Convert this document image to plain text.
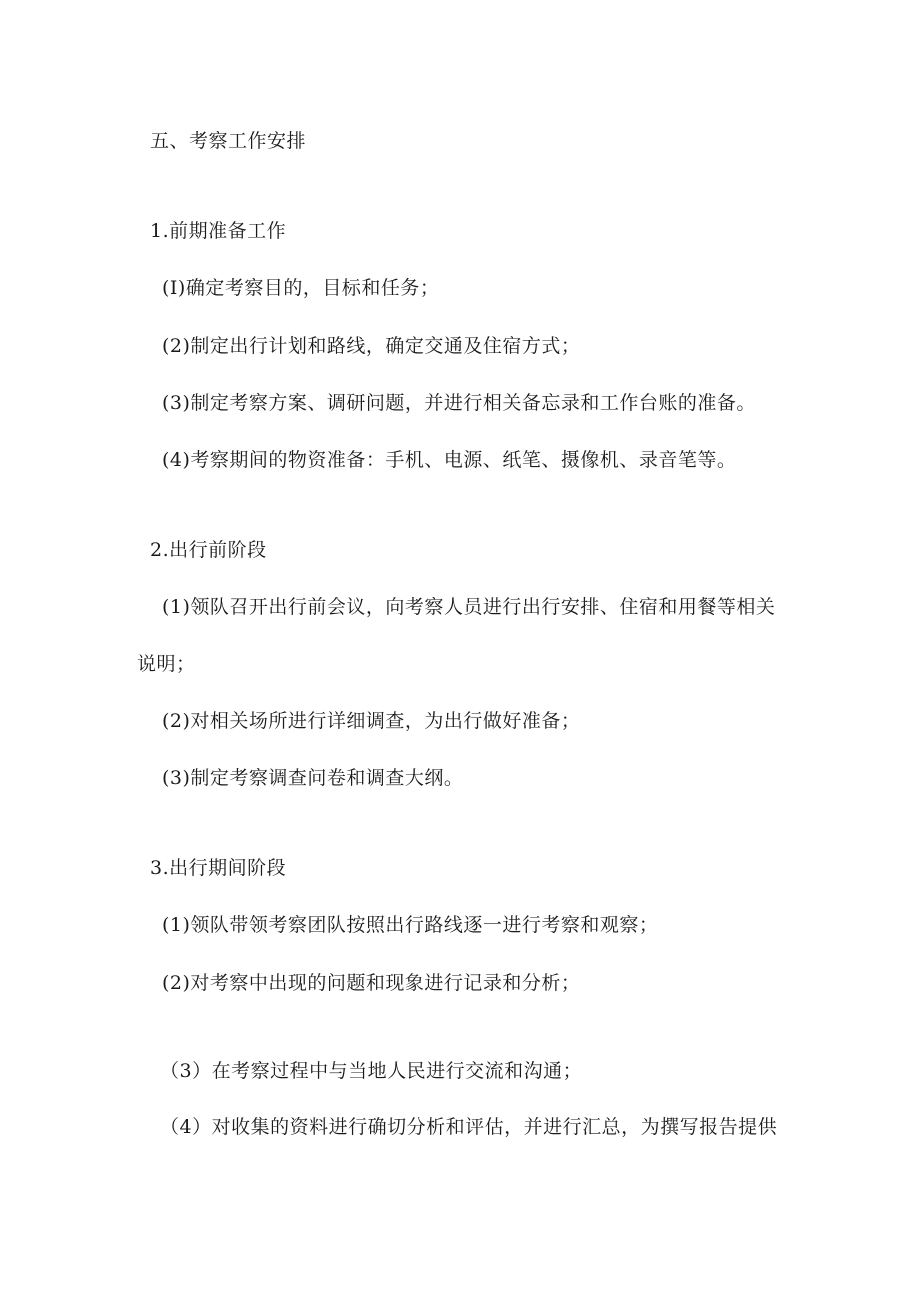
五、考察工作安排
1.前期准备工作
(I)确定考察目的，目标和任务；
(2)制定出行计划和路线，确定交通及住宿方式；
(3)制定考察方案、调研问题，并进行相关备忘录和工作台账的准备。
(4)考察期间的物资准备：手机、电源、纸笔、摄像机、录音笔等。
2.出行前阶段
(1)领队召开出行前会议，向考察人员进行出行安排、住宿和用餐等相关
说明；
(2)对相关场所进行详细调查，为出行做好准备；
(3)制定考察调查问卷和调查大纲。
3.出行期间阶段
(1)领队带领考察团队按照出行路线逐一进行考察和观察；
(2)对考察中出现的问题和现象进行记录和分析；
（3）在考察过程中与当地人民进行交流和沟通；
（4）对收集的资料进行确切分析和评估，并进行汇总，为撰写报告提供
